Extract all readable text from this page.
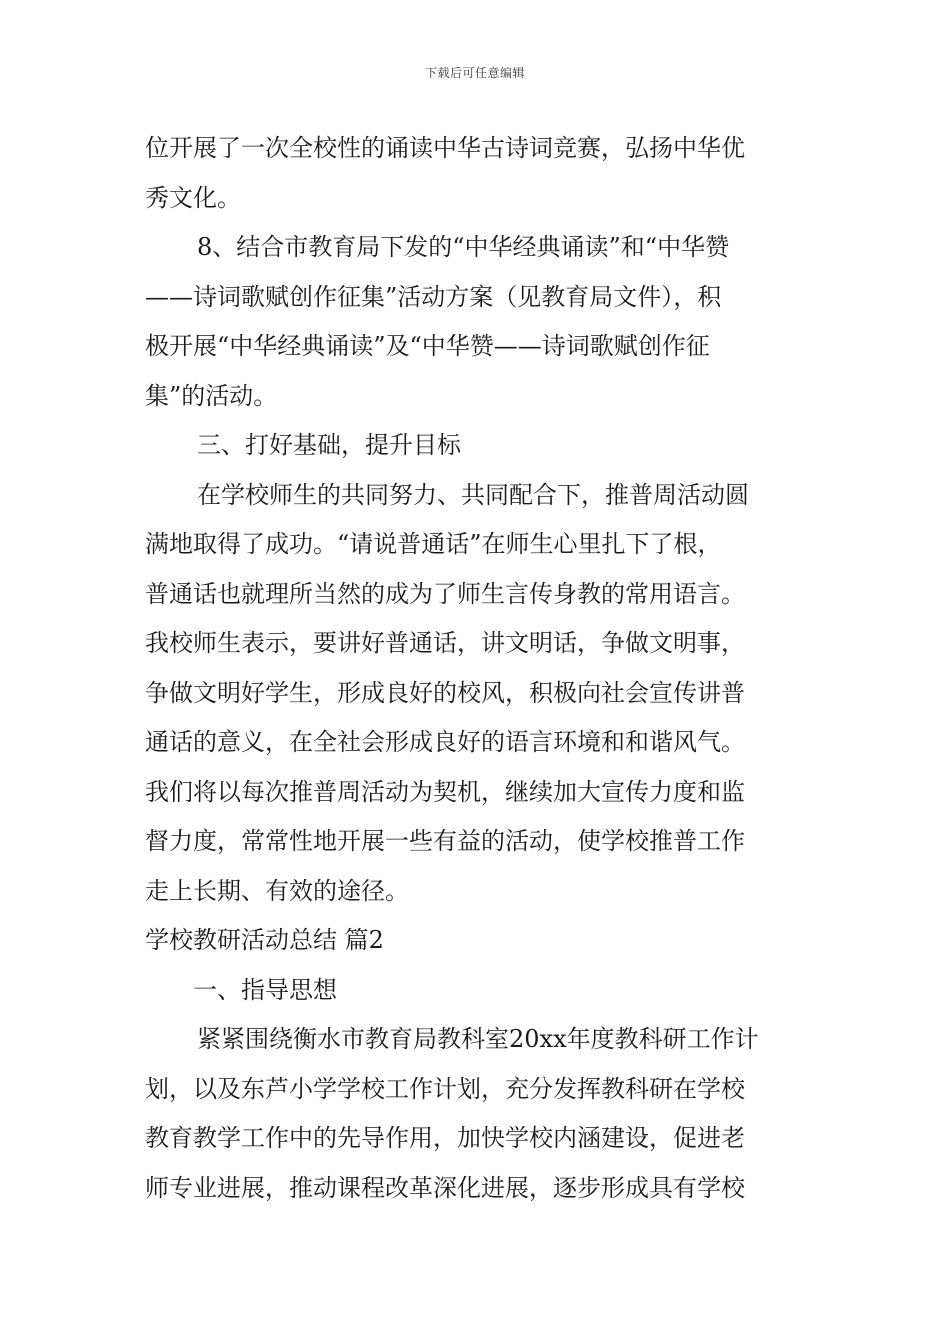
下载后可任意编辑
位开展了一次全校性的诵读中华古诗词竞赛，弘扬中华优
秀文化。
8、结合市教育局下发的“中华经典诵读”和“中华赞
——诗词歌赋创作征集”活动方案（见教育局文件），积
极开展“中华经典诵读”及“中华赞——诗词歌赋创作征
集”的活动。
三、打好基础，提升目标
在学校师生的共同努力、共同配合下，推普周活动圆
满地取得了成功。“请说普通话”在师生心里扎下了根，
普通话也就理所当然的成为了师生言传身教的常用语言。
我校师生表示，要讲好普通话，讲文明话，争做文明事，
争做文明好学生，形成良好的校风，积极向社会宣传讲普
通话的意义，在全社会形成良好的语言环境和和谐风气。
我们将以每次推普周活动为契机，继续加大宣传力度和监
督力度，常常性地开展一些有益的活动，使学校推普工作
走上长期、有效的途径。
学校教研活动总结 篇2
一、指导思想
紧紧围绕衡水市教育局教科室20xx年度教科研工作计
划，以及东芦小学学校工作计划，充分发挥教科研在学校
教育教学工作中的先导作用，加快学校内涵建设，促进老
师专业进展，推动课程改革深化进展，逐步形成具有学校
